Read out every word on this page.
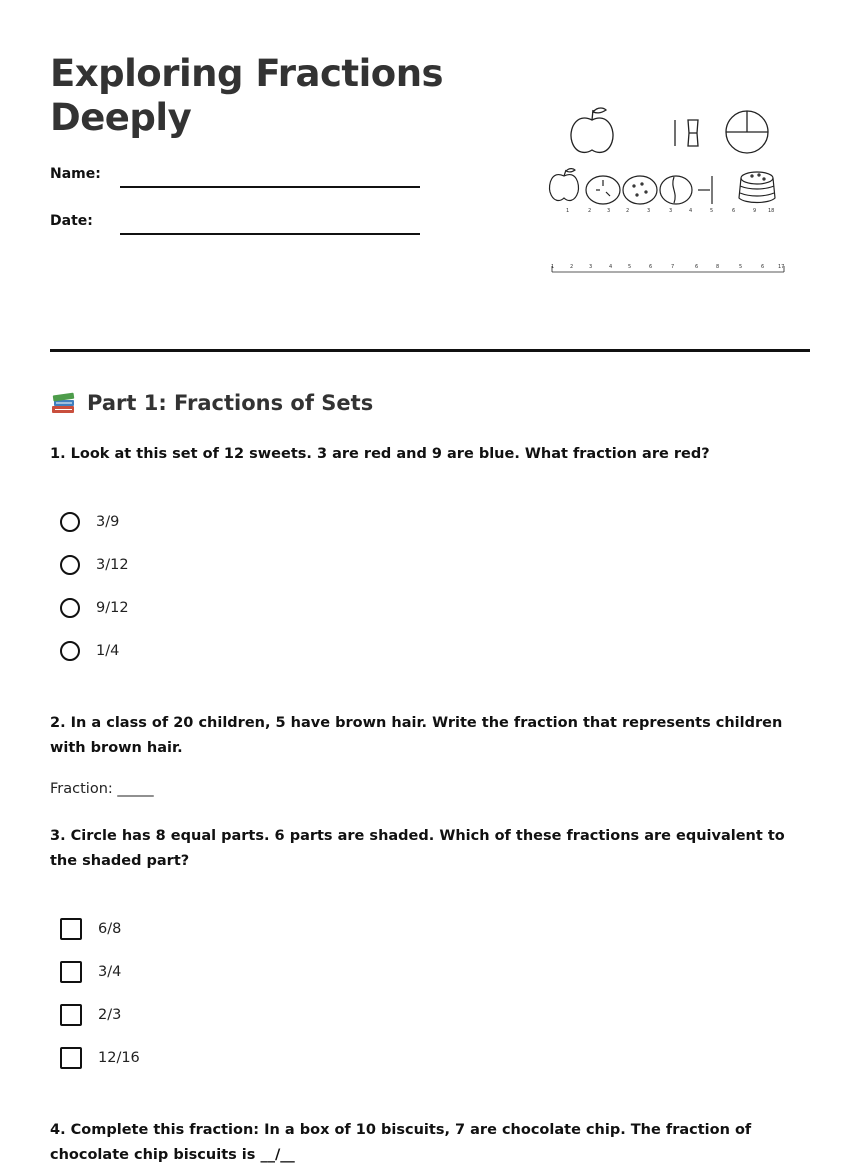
Exploring Fractions Deeply
Name:
Date:
1	2	3	2	3	3	4	5	6	9 18
1	2	3	4	5	6	7	6	8	5	6	17
Part 1: Fractions of Sets
1. Look at this set of 12 sweets. 3 are red and 9 are blue. What fraction are red?
3/9
3/12
9/12
1/4
2. In a class of 20 children, 5 have brown hair. Write the fraction that represents children with brown hair.
Fraction: _____
3. Circle has 8 equal parts. 6 parts are shaded. Which of these fractions are equivalent to the shaded part?
6/8
3/4
2/3
12/16
4. Complete this fraction: In a box of 10 biscuits, 7 are chocolate chip. The fraction of chocolate chip biscuits is __/__
